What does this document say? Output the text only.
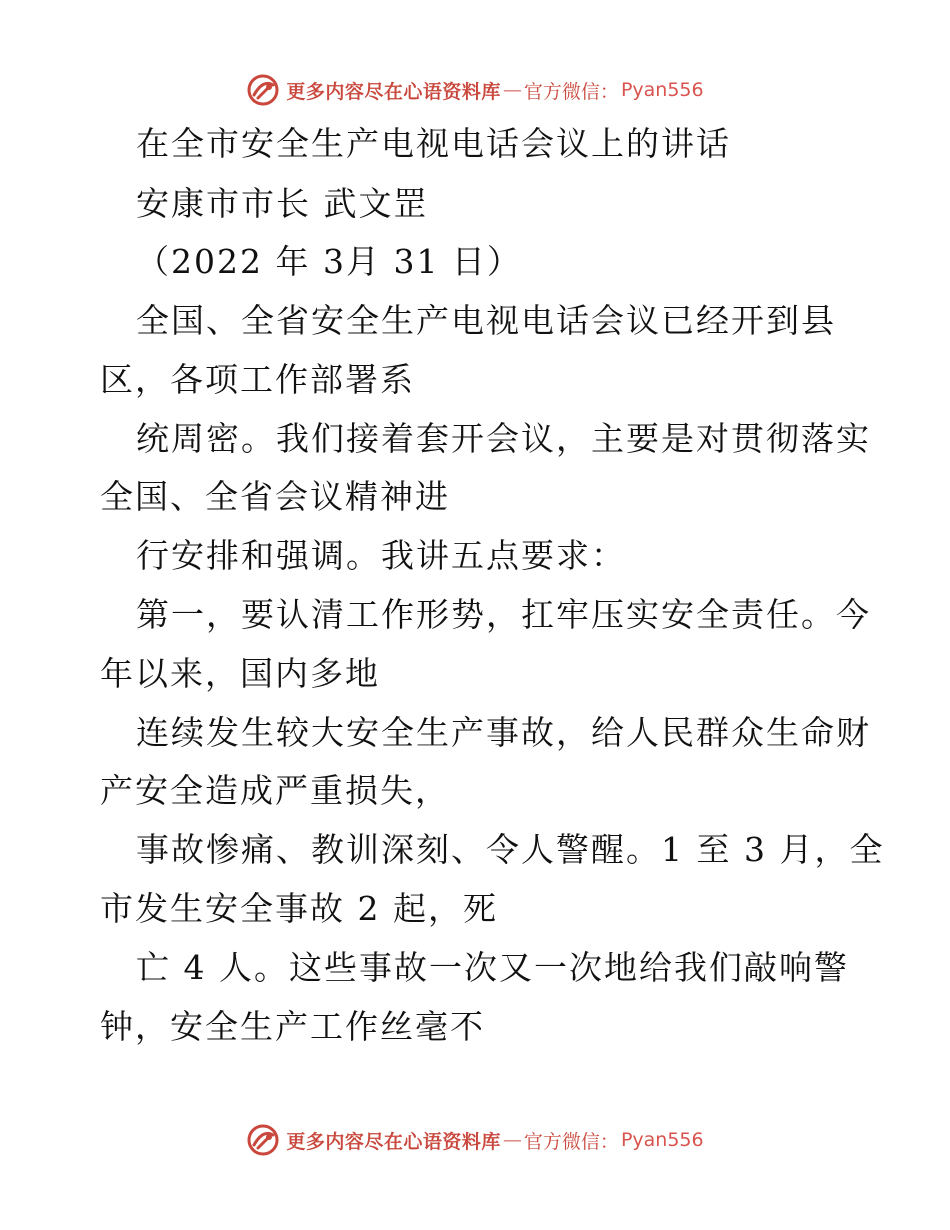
更多内容尽在心语资料库 — 官方微信： Pyan556
在全市安全生产电视电话会议上的讲话
安康市市长 武文罡
（2022 年 3月 31 日）
全国、全省安全生产电视电话会议已经开到县
区，各项工作部署系
统周密。我们接着套开会议，主要是对贯彻落实
全国、全省会议精神进
行安排和强调。我讲五点要求：
第一，要认清工作形势，扛牢压实安全责任。今
年以来，国内多地
连续发生较大安全生产事故，给人民群众生命财
产安全造成严重损失，
事故惨痛、教训深刻、令人警醒。1 至 3 月，全
市发生安全事故 2 起，死
亡 4 人。这些事故一次又一次地给我们敲响警
钟，安全生产工作丝毫不
更多内容尽在心语资料库 — 官方微信： Pyan556
